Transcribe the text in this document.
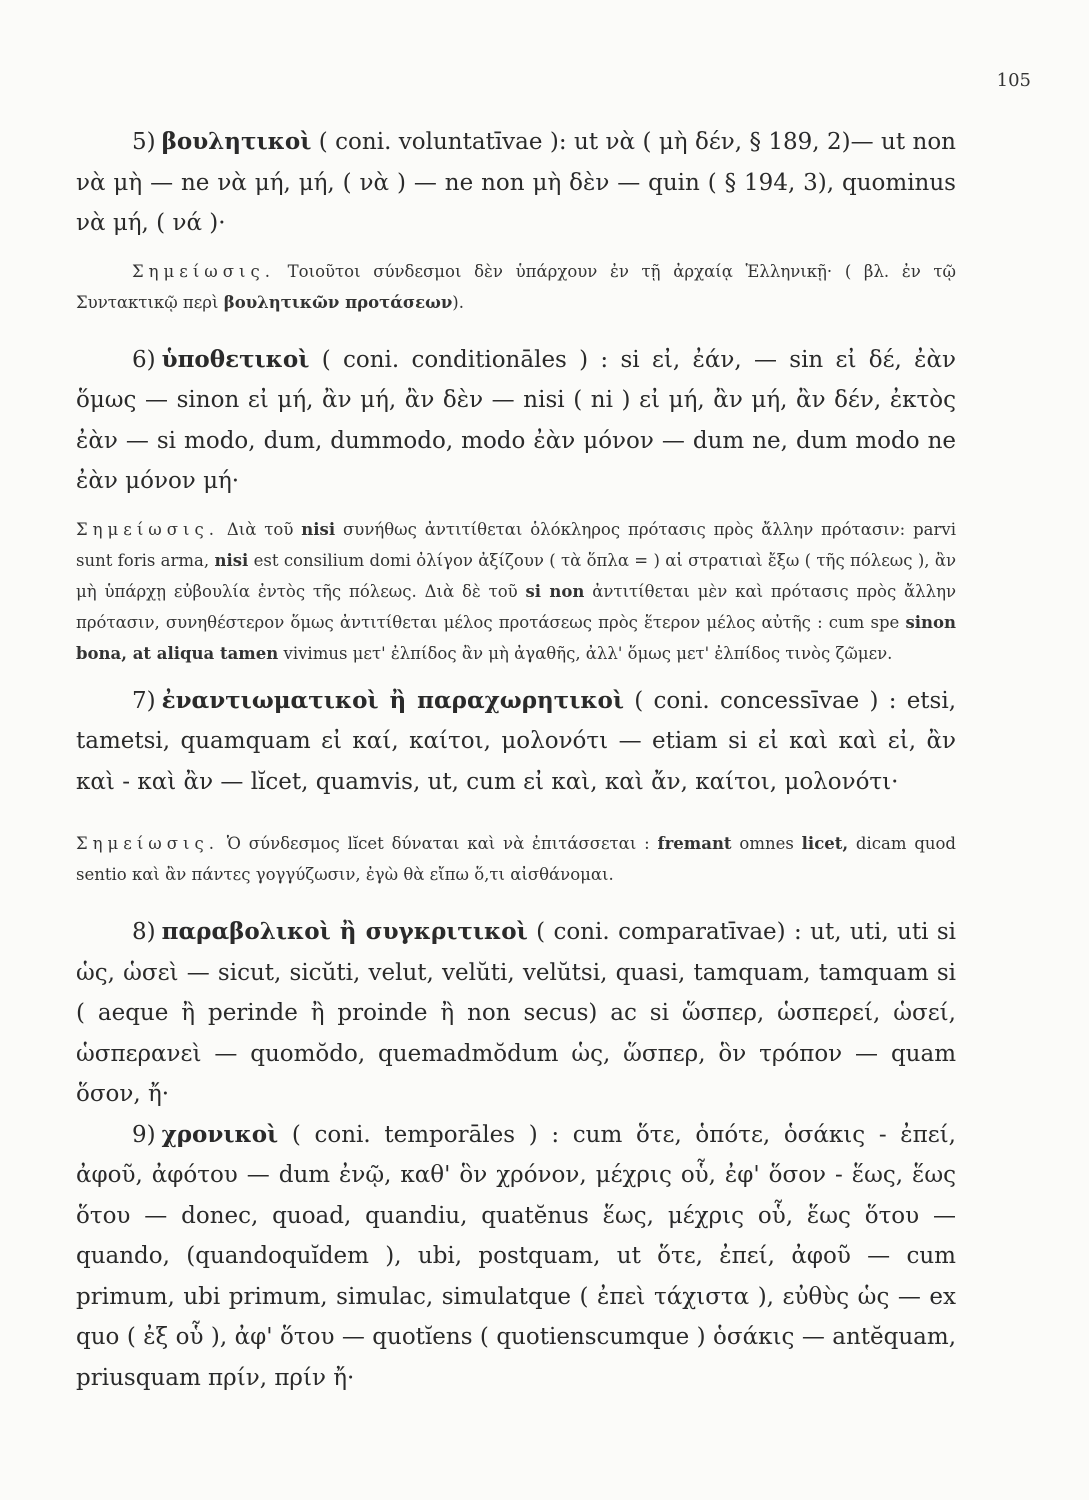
105

5) βουλητικοὶ ( coni. voluntatīvae ): ut νὰ ( μὴ δέν, § 189, 2)— ut non νὰ μὴ — ne νὰ μή, μή, ( νὰ ) — ne non μὴ δὲν — quin ( § 194, 3), quominus νὰ μή, ( νά )·

Σημείωσις. Τοιοῦτοι σύνδεσμοι δὲν ὑπάρχουν ἐν τῇ ἀρχαίᾳ Ἑλληνικῇ· ( βλ. ἐν τῷ Συντακτικῷ περὶ βουλητικῶν προτάσεων).

6) ὑποθετικοὶ ( coni. conditionāles ) : si εἰ, ἐάν, — sin εἰ δέ, ἐὰν ὅμως — sinon εἰ μή, ἂν μή, ἂν δὲν — nisi ( ni ) εἰ μή, ἂν μή, ἂν δέν, ἐκτὸς ἐὰν — si modo, dum, dummodo, modo ἐὰν μόνον — dum ne, dum modo ne ἐὰν μόνον μή·

Σημείωσις. Διὰ τοῦ nisi συνήθως ἀντιτίθεται ὁλόκληρος πρότασις πρὸς ἄλλην πρότασιν: parvi sunt foris arma, nisi est consilium domi ὀλίγον ἀξίζουν ( τὰ ὅπλα = ) αἱ στρατιαὶ ἔξω ( τῆς πόλεως ), ἂν μὴ ὑπάρχῃ εὐβουλία ἐντὸς τῆς πόλεως. Διὰ δὲ τοῦ si non ἀντιτίθεται μὲν καὶ πρότασις πρὸς ἄλλην πρότασιν, συνηθέστερον ὅμως ἀντιτίθεται μέλος προτάσεως πρὸς ἕτερον μέλος αὐτῆς : cum spe sinon bona, at aliqua tamen vivimus μετ' ἐλπίδος ἂν μὴ ἀγαθῆς, ἀλλ' ὅμως μετ' ἐλπίδος τινὸς ζῶμεν.

7) ἐναντιωματικοὶ ἢ παραχωρητικοὶ ( coni. concessīvae ) : etsi, tametsi, quamquam εἰ καί, καίτοι, μολονότι — etiam si εἰ καὶ καὶ εἰ, ἂν καὶ - καὶ ἂν — lĭcet, quamvis, ut, cum εἰ καὶ, καὶ ἄν, καίτοι, μολονότι·

Σημείωσις. Ὁ σύνδεσμος lĭcet δύναται καὶ νὰ ἐπιτάσσεται : fremant omnes licet, dicam quod sentio καὶ ἂν πάντες γογγύζωσιν, ἐγὼ θὰ εἴπω ὅ,τι αἰσθάνομαι.

8) παραβολικοὶ ἢ συγκριτικοὶ ( coni. comparatīvae) : ut, uti, uti si ὡς, ὡσεὶ — sicut, sicŭti, velut, velŭti, velŭtsi, quasi, tamquam, tamquam si ( aeque ἢ perinde ἢ proinde ἢ non secus) ac si ὥσπερ, ὡσπερεί, ὡσεί, ὡσπερανεὶ — quomŏdo, quemadmŏdum ὡς, ὥσπερ, ὃν τρόπον — quam ὅσον, ἤ·

9) χρονικοὶ ( coni. temporāles ) : cum ὅτε, ὁπότε, ὁσάκις - ἐπεί, ἀφοῦ, ἀφότου — dum ἐνῷ, καθ' ὃν χρόνον, μέχρις οὗ, ἐφ' ὅσον - ἕως, ἕως ὅτου — donec, quoad, quandiu, quatĕnus ἕως, μέχρις οὗ, ἕως ὅτου — quando, (quandoquĭdem ), ubi, postquam, ut ὅτε, ἐπεί, ἀφοῦ — cum primum, ubi primum, simulac, simulatque ( ἐπεὶ τάχιστα ), εὐθὺς ὡς — ex quo ( ἐξ οὗ ), ἀφ' ὅτου — quotĭens ( quotienscumque ) ὁσάκις — antĕquam, priusquam πρίν, πρίν ἤ·
